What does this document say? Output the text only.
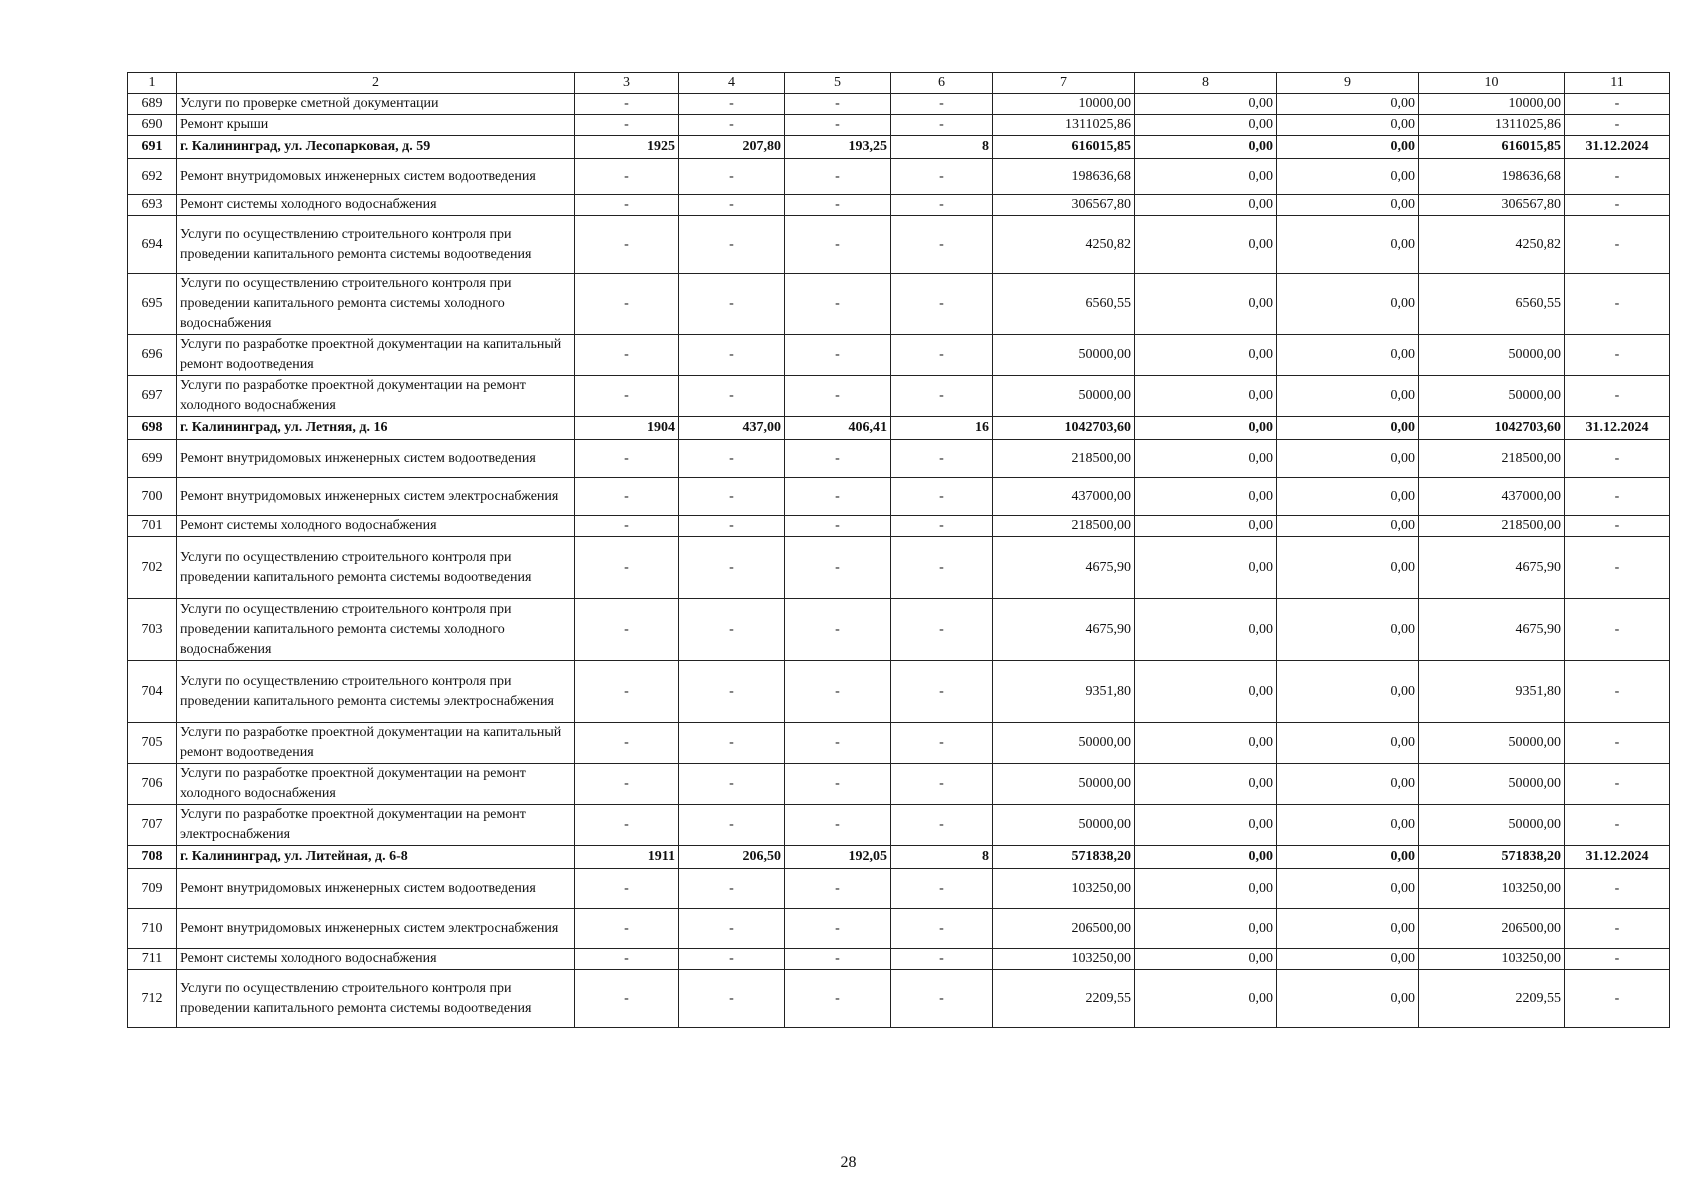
1	2	3	4	5	6	7	8	9	10	11
689	Услуги по проверке сметной документации	-	-	-	-	10000,00	0,00	0,00	10000,00	-
690	Ремонт крыши	-	-	-	-	1311025,86	0,00	0,00	1311025,86	-
691	г. Калининград, ул. Лесопарковая, д. 59	1925	207,80	193,25	8	616015,85	0,00	0,00	616015,85	31.12.2024
692	Ремонт внутридомовых инженерных систем водоотведения	-	-	-	-	198636,68	0,00	0,00	198636,68	-
693	Ремонт системы холодного водоснабжения	-	-	-	-	306567,80	0,00	0,00	306567,80	-
694	Услуги по осуществлению строительного контроля при проведении капитального ремонта системы водоотведения	-	-	-	-	4250,82	0,00	0,00	4250,82	-
695	Услуги по осуществлению строительного контроля при проведении капитального ремонта системы холодного водоснабжения	-	-	-	-	6560,55	0,00	0,00	6560,55	-
696	Услуги по разработке проектной документации на капитальный ремонт водоотведения	-	-	-	-	50000,00	0,00	0,00	50000,00	-
697	Услуги по разработке проектной документации на ремонт холодного водоснабжения	-	-	-	-	50000,00	0,00	0,00	50000,00	-
698	г. Калининград, ул. Летняя, д. 16	1904	437,00	406,41	16	1042703,60	0,00	0,00	1042703,60	31.12.2024
699	Ремонт внутридомовых инженерных систем водоотведения	-	-	-	-	218500,00	0,00	0,00	218500,00	-
700	Ремонт внутридомовых инженерных систем электроснабжения	-	-	-	-	437000,00	0,00	0,00	437000,00	-
701	Ремонт системы холодного водоснабжения	-	-	-	-	218500,00	0,00	0,00	218500,00	-
702	Услуги по осуществлению строительного контроля при проведении капитального ремонта системы водоотведения	-	-	-	-	4675,90	0,00	0,00	4675,90	-
703	Услуги по осуществлению строительного контроля при проведении капитального ремонта системы холодного водоснабжения	-	-	-	-	4675,90	0,00	0,00	4675,90	-
704	Услуги по осуществлению строительного контроля при проведении капитального ремонта системы электроснабжения	-	-	-	-	9351,80	0,00	0,00	9351,80	-
705	Услуги по разработке проектной документации на капитальный ремонт водоотведения	-	-	-	-	50000,00	0,00	0,00	50000,00	-
706	Услуги по разработке проектной документации на ремонт холодного водоснабжения	-	-	-	-	50000,00	0,00	0,00	50000,00	-
707	Услуги по разработке проектной документации на ремонт электроснабжения	-	-	-	-	50000,00	0,00	0,00	50000,00	-
708	г. Калининград, ул. Литейная, д. 6-8	1911	206,50	192,05	8	571838,20	0,00	0,00	571838,20	31.12.2024
709	Ремонт внутридомовых инженерных систем водоотведения	-	-	-	-	103250,00	0,00	0,00	103250,00	-
710	Ремонт внутридомовых инженерных систем электроснабжения	-	-	-	-	206500,00	0,00	0,00	206500,00	-
711	Ремонт системы холодного водоснабжения	-	-	-	-	103250,00	0,00	0,00	103250,00	-
712	Услуги по осуществлению строительного контроля при проведении капитального ремонта системы водоотведения	-	-	-	-	2209,55	0,00	0,00	2209,55	-
28
